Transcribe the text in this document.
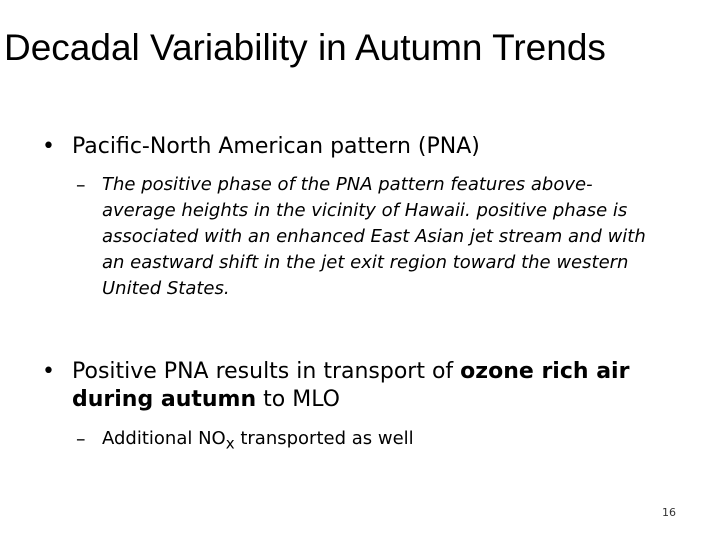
Decadal Variability in Autumn Trends
• Pacific-North American pattern (PNA)
– The positive phase of the PNA pattern features above-average heights in the vicinity of Hawaii. positive phase is associated with an enhanced East Asian jet stream and with an eastward shift in the jet exit region toward the western United States.
• Positive PNA results in transport of ozone rich air during autumn to MLO
– Additional $NO_x$ transported as well
16
